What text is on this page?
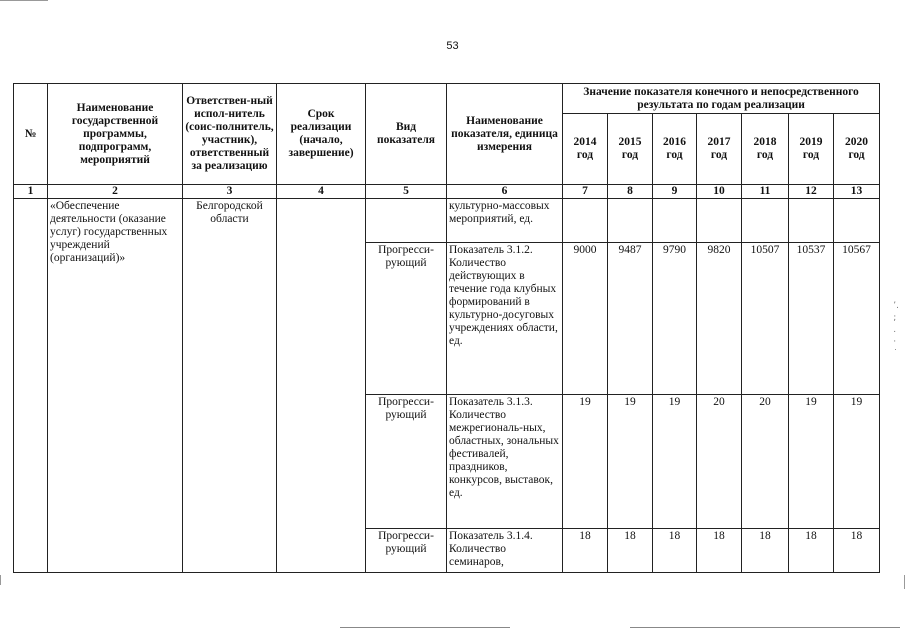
ʼ.
;
.
·
˙
53
№	Наименование государственной программы, подпрограмм, мероприятий	Ответствен-ный испол-нитель (соис-полнитель, участник), ответственный за реализацию	Срок реализации (начало, завершение)	Вид показателя	Наименование показателя, единица измерения	Значение показателя конечного и непосредственного результата по годам реализации						
						2014 год	2015 год	2016 год	2017 год	2018 год	2019 год	2020 год
1	2	3	4	5	6	7	8	9	10	11	12	13
	«Обеспечение деятельности (оказание услуг) государственных учреждений (организаций)»	Белгородской области			культурно-массовых мероприятий, ед.							
				Прогресси-рующий	Показатель 3.1.2. Количество действующих в течение года клубных формирований в культурно-досуговых учреждениях области, ед.	9000	9487	9790	9820	10507	10537	10567
				Прогресси-рующий	Показатель 3.1.3. Количество межрегиональ-ных, областных, зональных фестивалей, праздников, конкурсов, выставок, ед.	19	19	19	20	20	19	19
				Прогресси-рующий	Показатель 3.1.4. Количество семинаров,	18	18	18	18	18	18	18
